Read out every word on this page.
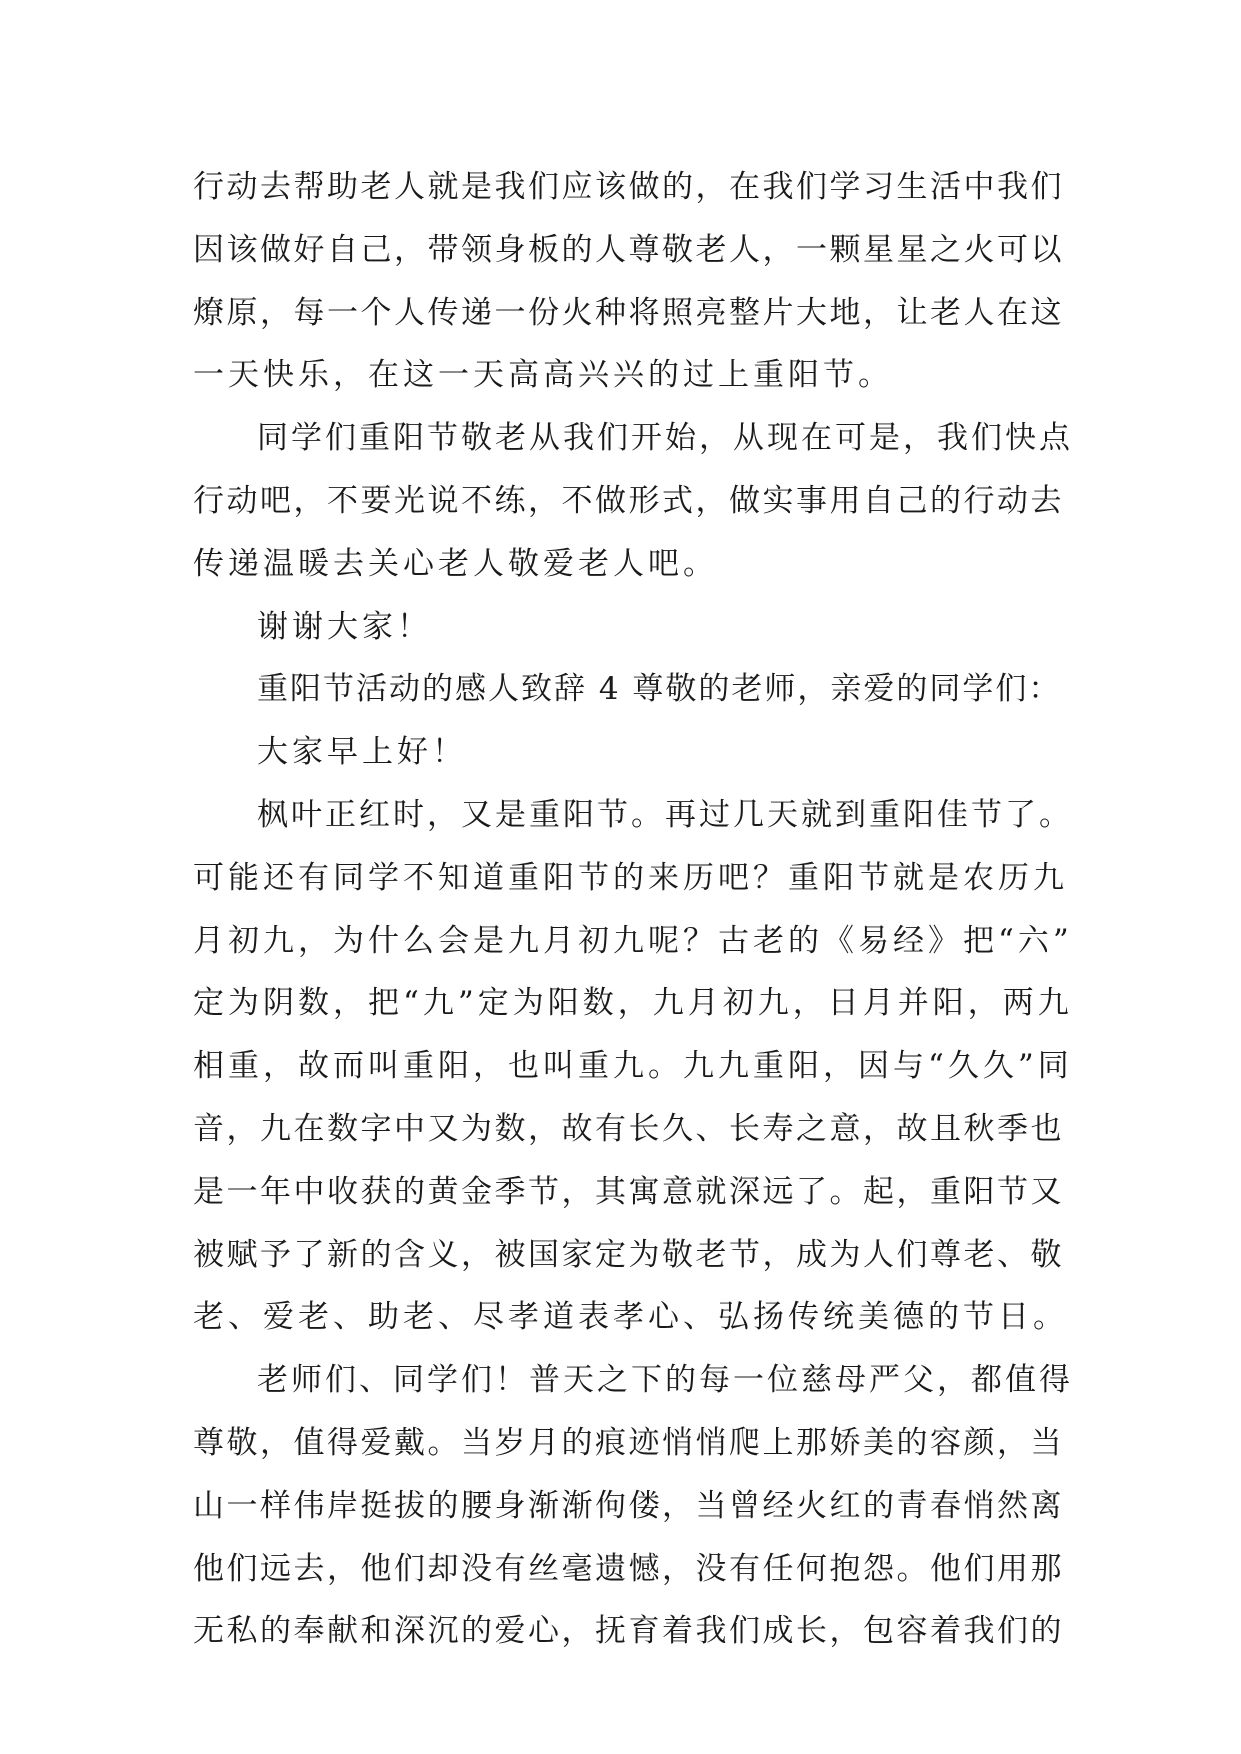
行动去帮助老人就是我们应该做的，在我们学习生活中我们
因该做好自己，带领身板的人尊敬老人，一颗星星之火可以
燎原，每一个人传递一份火种将照亮整片大地，让老人在这
一天快乐，在这一天高高兴兴的过上重阳节。
同学们重阳节敬老从我们开始，从现在可是，我们快点
行动吧，不要光说不练，不做形式，做实事用自己的行动去
传递温暖去关心老人敬爱老人吧。
谢谢大家！
重阳节活动的感人致辞 4 尊敬的老师，亲爱的同学们：
大家早上好！
枫叶正红时，又是重阳节。再过几天就到重阳佳节了。
可能还有同学不知道重阳节的来历吧？重阳节就是农历九
月初九，为什么会是九月初九呢？古老的《易经》把“六”
定为阴数，把“九”定为阳数，九月初九，日月并阳，两九
相重，故而叫重阳，也叫重九。九九重阳，因与“久久”同
音，九在数字中又为数，故有长久、长寿之意，故且秋季也
是一年中收获的黄金季节，其寓意就深远了。起，重阳节又
被赋予了新的含义，被国家定为敬老节，成为人们尊老、敬
老、爱老、助老、尽孝道表孝心、弘扬传统美德的节日。
老师们、同学们！普天之下的每一位慈母严父，都值得
尊敬，值得爱戴。当岁月的痕迹悄悄爬上那娇美的容颜，当
山一样伟岸挺拔的腰身渐渐佝偻，当曾经火红的青春悄然离
他们远去，他们却没有丝毫遗憾，没有任何抱怨。他们用那
无私的奉献和深沉的爱心，抚育着我们成长，包容着我们的
